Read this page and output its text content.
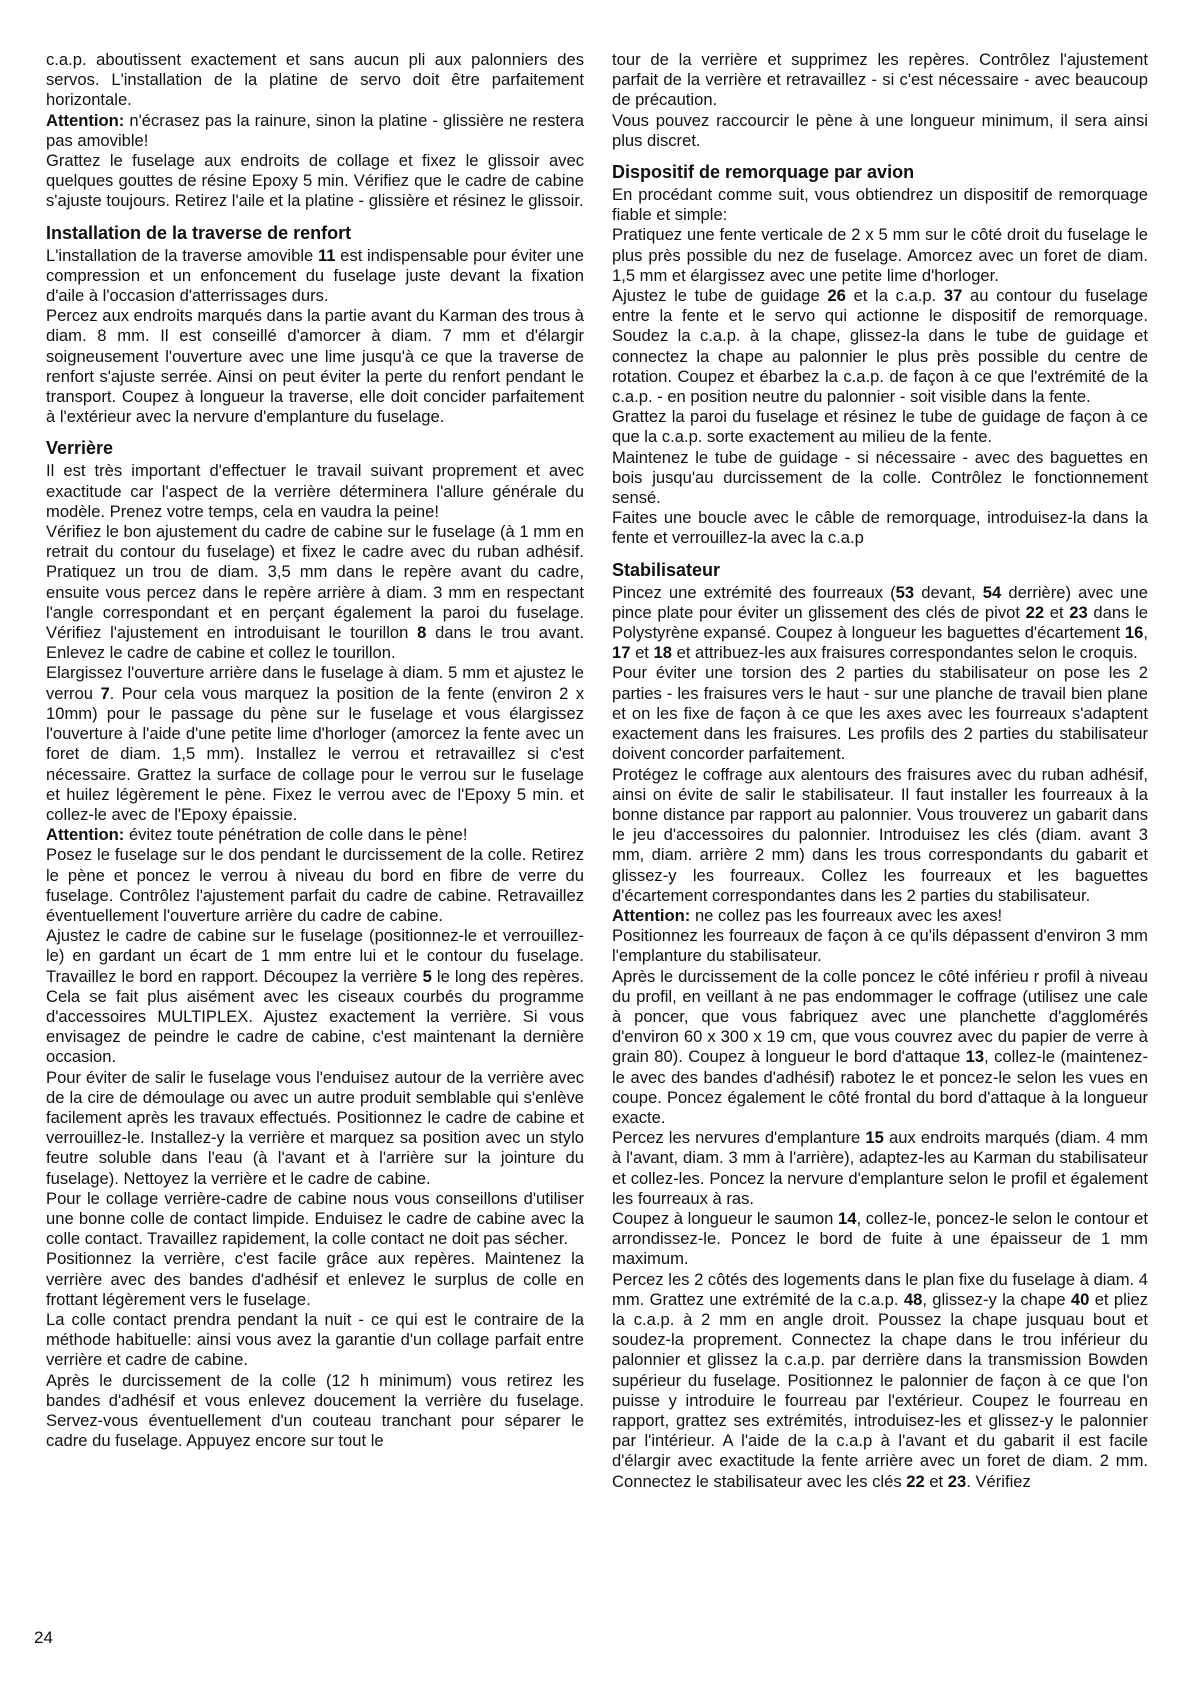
c.a.p. aboutissent exactement et sans aucun pli aux palonniers des servos. L'installation de la platine de servo doit être parfaitement horizontale.

Attention: n'écrasez pas la rainure, sinon la platine - glissière ne restera pas amovible!

Grattez le fuselage aux endroits de collage et fixez le glissoir avec quelques gouttes de résine Epoxy 5 min. Vérifiez que le cadre de cabine s'ajuste toujours. Retirez l'aile et la platine - glissière et résinez le glissoir.

Installation de la traverse de renfort

L'installation de la traverse amovible 11 est indispensable pour éviter une compression et un enfoncement du fuselage juste devant la fixation d'aile à l'occasion d'atterrissages durs.

Percez aux endroits marqués dans la partie avant du Karman des trous à diam. 8 mm. Il est conseillé d'amorcer à diam. 7 mm et d'élargir soigneusement l'ouverture avec une lime jusqu'à ce que la traverse de renfort s'ajuste serrée. Ainsi on peut éviter la perte du renfort pendant le transport. Coupez à longueur la traverse, elle doit concider parfaitement à l'extérieur avec la nervure d'emplanture du fuselage.

Verrière

Il est très important d'effectuer le travail suivant proprement et avec exactitude car l'aspect de la verrière déterminera l'allure générale du modèle. Prenez votre temps, cela en vaudra la peine!

Vérifiez le bon ajustement du cadre de cabine sur le fuselage (à 1 mm en retrait du contour du fuselage) et fixez le cadre avec du ruban adhésif. Pratiquez un trou de diam. 3,5 mm dans le repère avant du cadre, ensuite vous percez dans le repère arrière à diam. 3 mm en respectant l'angle correspondant et en perçant également la paroi du fuselage. Vérifiez l'ajustement en introduisant le tourillon 8 dans le trou avant. Enlevez le cadre de cabine et collez le tourillon.

Elargissez l'ouverture arrière dans le fuselage à diam. 5 mm et ajustez le verrou 7. Pour cela vous marquez la position de la fente (environ 2 x 10mm) pour le passage du pène sur le fuselage et vous élargissez l'ouverture à l'aide d'une petite lime d'horloger (amorcez la fente avec un foret de diam. 1,5 mm). Installez le verrou et retravaillez si c'est nécessaire. Grattez la surface de collage pour le verrou sur le fuselage et huilez légèrement le pène. Fixez le verrou avec de l'Epoxy 5 min. et collez-le avec de l'Epoxy épaissie.

Attention: évitez toute pénétration de colle dans le pène!

Posez le fuselage sur le dos pendant le durcissement de la colle. Retirez le pène et poncez le verrou à niveau du bord en fibre de verre du fuselage. Contrôlez l'ajustement parfait du cadre de cabine. Retravaillez éventuellement l'ouverture arrière du cadre de cabine.

Ajustez le cadre de cabine sur le fuselage (positionnez-le et verrouillez-le) en gardant un écart de 1 mm entre lui et le contour du fuselage. Travaillez le bord en rapport. Découpez la verrière 5 le long des repères. Cela se fait plus aisément avec les ciseaux courbés du programme d'accessoires MULTIPLEX. Ajustez exactement la verrière. Si vous envisagez de peindre le cadre de cabine, c'est maintenant la dernière occasion.

Pour éviter de salir le fuselage vous l'enduisez autour de la verrière avec de la cire de démoulage ou avec un autre produit semblable qui s'enlève facilement après les travaux effectués. Positionnez le cadre de cabine et verrouillez-le. Installez-y la verrière et marquez sa position avec un stylo feutre soluble dans l'eau (à l'avant et à l'arrière sur la jointure du fuselage). Nettoyez la verrière et le cadre de cabine.

Pour le collage verrière-cadre de cabine nous vous conseillons d'utiliser une bonne colle de contact limpide. Enduisez le cadre de cabine avec la colle contact. Travaillez rapidement, la colle contact ne doit pas sécher.

Positionnez la verrière, c'est facile grâce aux repères. Maintenez la verrière avec des bandes d'adhésif et enlevez le surplus de colle en frottant légèrement vers le fuselage.

La colle contact prendra pendant la nuit - ce qui est le contraire de la méthode habituelle: ainsi vous avez la garantie d'un collage parfait entre verrière et cadre de cabine.

Après le durcissement de la colle (12 h minimum) vous retirez les bandes d'adhésif et vous enlevez doucement la verrière du fuselage. Servez-vous éventuellement d'un couteau tranchant pour séparer le cadre du fuselage. Appuyez encore sur tout le

tour de la verrière et supprimez les repères. Contrôlez l'ajustement parfait de la verrière et retravaillez - si c'est nécessaire - avec beaucoup de précaution.

Vous pouvez raccourcir le pène à une longueur minimum, il sera ainsi plus discret.

Dispositif de remorquage par avion

En procédant comme suit, vous obtiendrez un dispositif de remorquage fiable et simple:

Pratiquez une fente verticale de 2 x 5 mm sur le côté droit du fuselage le plus près possible du nez de fuselage. Amorcez avec un foret de diam. 1,5 mm et élargissez avec une petite lime d'horloger.

Ajustez le tube de guidage 26 et la c.a.p. 37 au contour du fuselage entre la fente et le servo qui actionne le dispositif de remorquage. Soudez la c.a.p. à la chape, glissez-la dans le tube de guidage et connectez la chape au palonnier le plus près possible du centre de rotation. Coupez et ébarbez la c.a.p. de façon à ce que l'extrémité de la c.a.p. - en position neutre du palonnier - soit visible dans la fente.

Grattez la paroi du fuselage et résinez le tube de guidage de façon à ce que la c.a.p. sorte exactement au milieu de la fente.

Maintenez le tube de guidage - si nécessaire - avec des baguettes en bois jusqu'au durcissement de la colle. Contrôlez le fonctionnement sensé.

Faites une boucle avec le câble de remorquage, introduisez-la dans la fente et verrouillez-la avec la c.a.p

Stabilisateur

Pincez une extrémité des fourreaux (53 devant, 54 derrière) avec une pince plate pour éviter un glissement des clés de pivot 22 et 23 dans le Polystyrène expansé. Coupez à longueur les baguettes d'écartement 16, 17 et 18 et attribuez-les aux fraisures correspondantes selon le croquis.

Pour éviter une torsion des 2 parties du stabilisateur on pose les 2 parties - les fraisures vers le haut - sur une planche de travail bien plane et on les fixe de façon à ce que les axes avec les fourreaux s'adaptent exactement dans les fraisures. Les profils des 2 parties du stabilisateur doivent concorder parfaitement.

Protégez le coffrage aux alentours des fraisures avec du ruban adhésif, ainsi on évite de salir le stabilisateur. Il faut installer les fourreaux à la bonne distance par rapport au palonnier. Vous trouverez un gabarit dans le jeu d'accessoires du palonnier. Introduisez les clés (diam. avant 3 mm, diam. arrière 2 mm) dans les trous correspondants du gabarit et glissez-y les fourreaux. Collez les fourreaux et les baguettes d'écartement correspondantes dans les 2 parties du stabilisateur.

Attention: ne collez pas les fourreaux avec les axes!

Positionnez les fourreaux de façon à ce qu'ils dépassent d'environ 3 mm l'emplanture du stabilisateur.

Après le durcissement de la colle poncez le côté inférieu r profil à niveau du profil, en veillant à ne pas endommager le coffrage (utilisez une cale à poncer, que vous fabriquez avec une planchette d'agglomérés d'environ 60 x 300 x 19 cm, que vous couvrez avec du papier de verre à grain 80). Coupez à longueur le bord d'attaque 13, collez-le (maintenez-le avec des bandes d'adhésif) rabotez le et poncez-le selon les vues en coupe. Poncez également le côté frontal du bord d'attaque à la longueur exacte.

Percez les nervures d'emplanture 15 aux endroits marqués (diam. 4 mm à l'avant, diam. 3 mm à l'arrière), adaptez-les au Karman du stabilisateur et collez-les. Poncez la nervure d'emplanture selon le profil et également les fourreaux à ras.

Coupez à longueur le saumon 14, collez-le, poncez-le selon le contour et arrondissez-le. Poncez le bord de fuite à une épaisseur de 1 mm maximum.

Percez les 2 côtés des logements dans le plan fixe du fuselage à diam. 4 mm. Grattez une extrémité de la c.a.p. 48, glissez-y la chape 40 et pliez la c.a.p. à 2 mm en angle droit. Poussez la chape jusquau bout et soudez-la proprement. Connectez la chape dans le trou inférieur du palonnier et glissez la c.a.p. par derrière dans la transmission Bowden supérieur du fuselage. Positionnez le palonnier de façon à ce que l'on puisse y introduire le fourreau par l'extérieur. Coupez le fourreau en rapport, grattez ses extrémités, introduisez-les et glissez-y le palonnier par l'intérieur. A l'aide de la c.a.p à l'avant et du gabarit il est facile d'élargir avec exactitude la fente arrière avec un foret de diam. 2 mm. Connectez le stabilisateur avec les clés 22 et 23. Vérifiez

24
